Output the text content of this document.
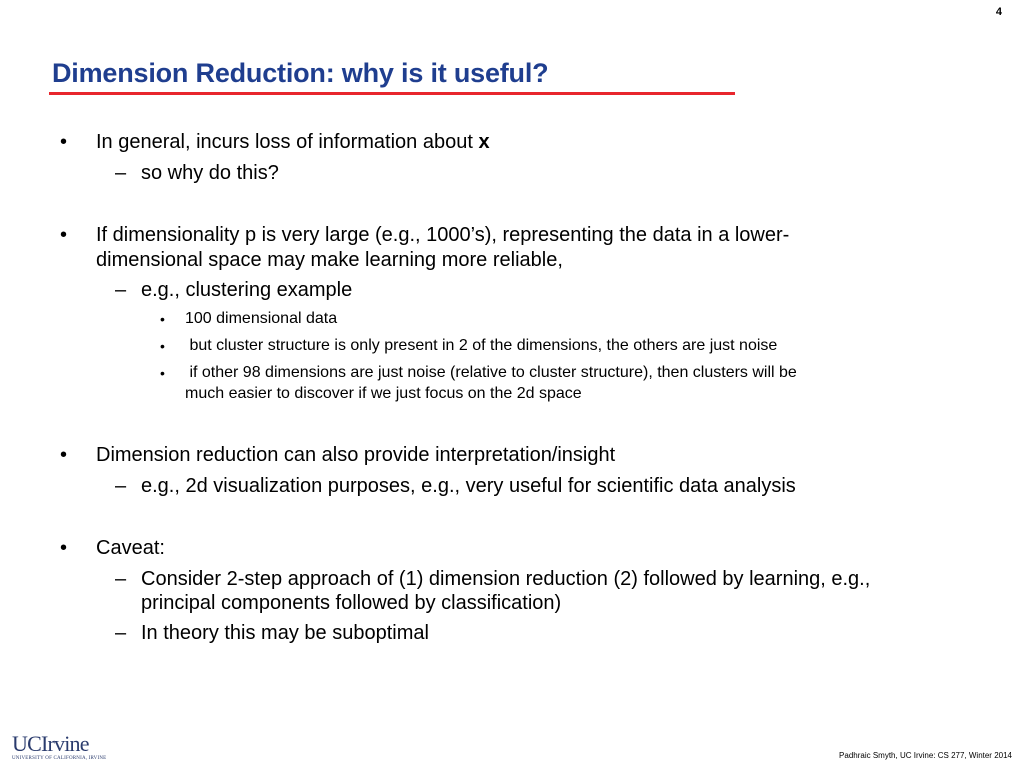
4
Dimension Reduction: why is it useful?
• In general, incurs loss of information about x
– so why do this?
• If dimensionality p is very large (e.g., 1000’s), representing the data in a lower-
dimensional space may make learning more reliable,
– e.g., clustering example
• 100 dimensional data
• but cluster structure is only present in 2 of the dimensions, the others are just noise
• if other 98 dimensions are just noise (relative to cluster structure), then clusters will be
much easier to discover if we just focus on the 2d space
• Dimension reduction can also provide interpretation/insight
– e.g., 2d visualization purposes, e.g., very useful for scientific data analysis
• Caveat:
– Consider 2-step approach of (1) dimension reduction (2) followed by learning, e.g.,
principal components followed by classification)
– In theory this may be suboptimal
UCIrvine
UNIVERSITY OF CALIFORNIA, IRVINE	Padhraic Smyth, UC Irvine: CS 277, Winter 2014
